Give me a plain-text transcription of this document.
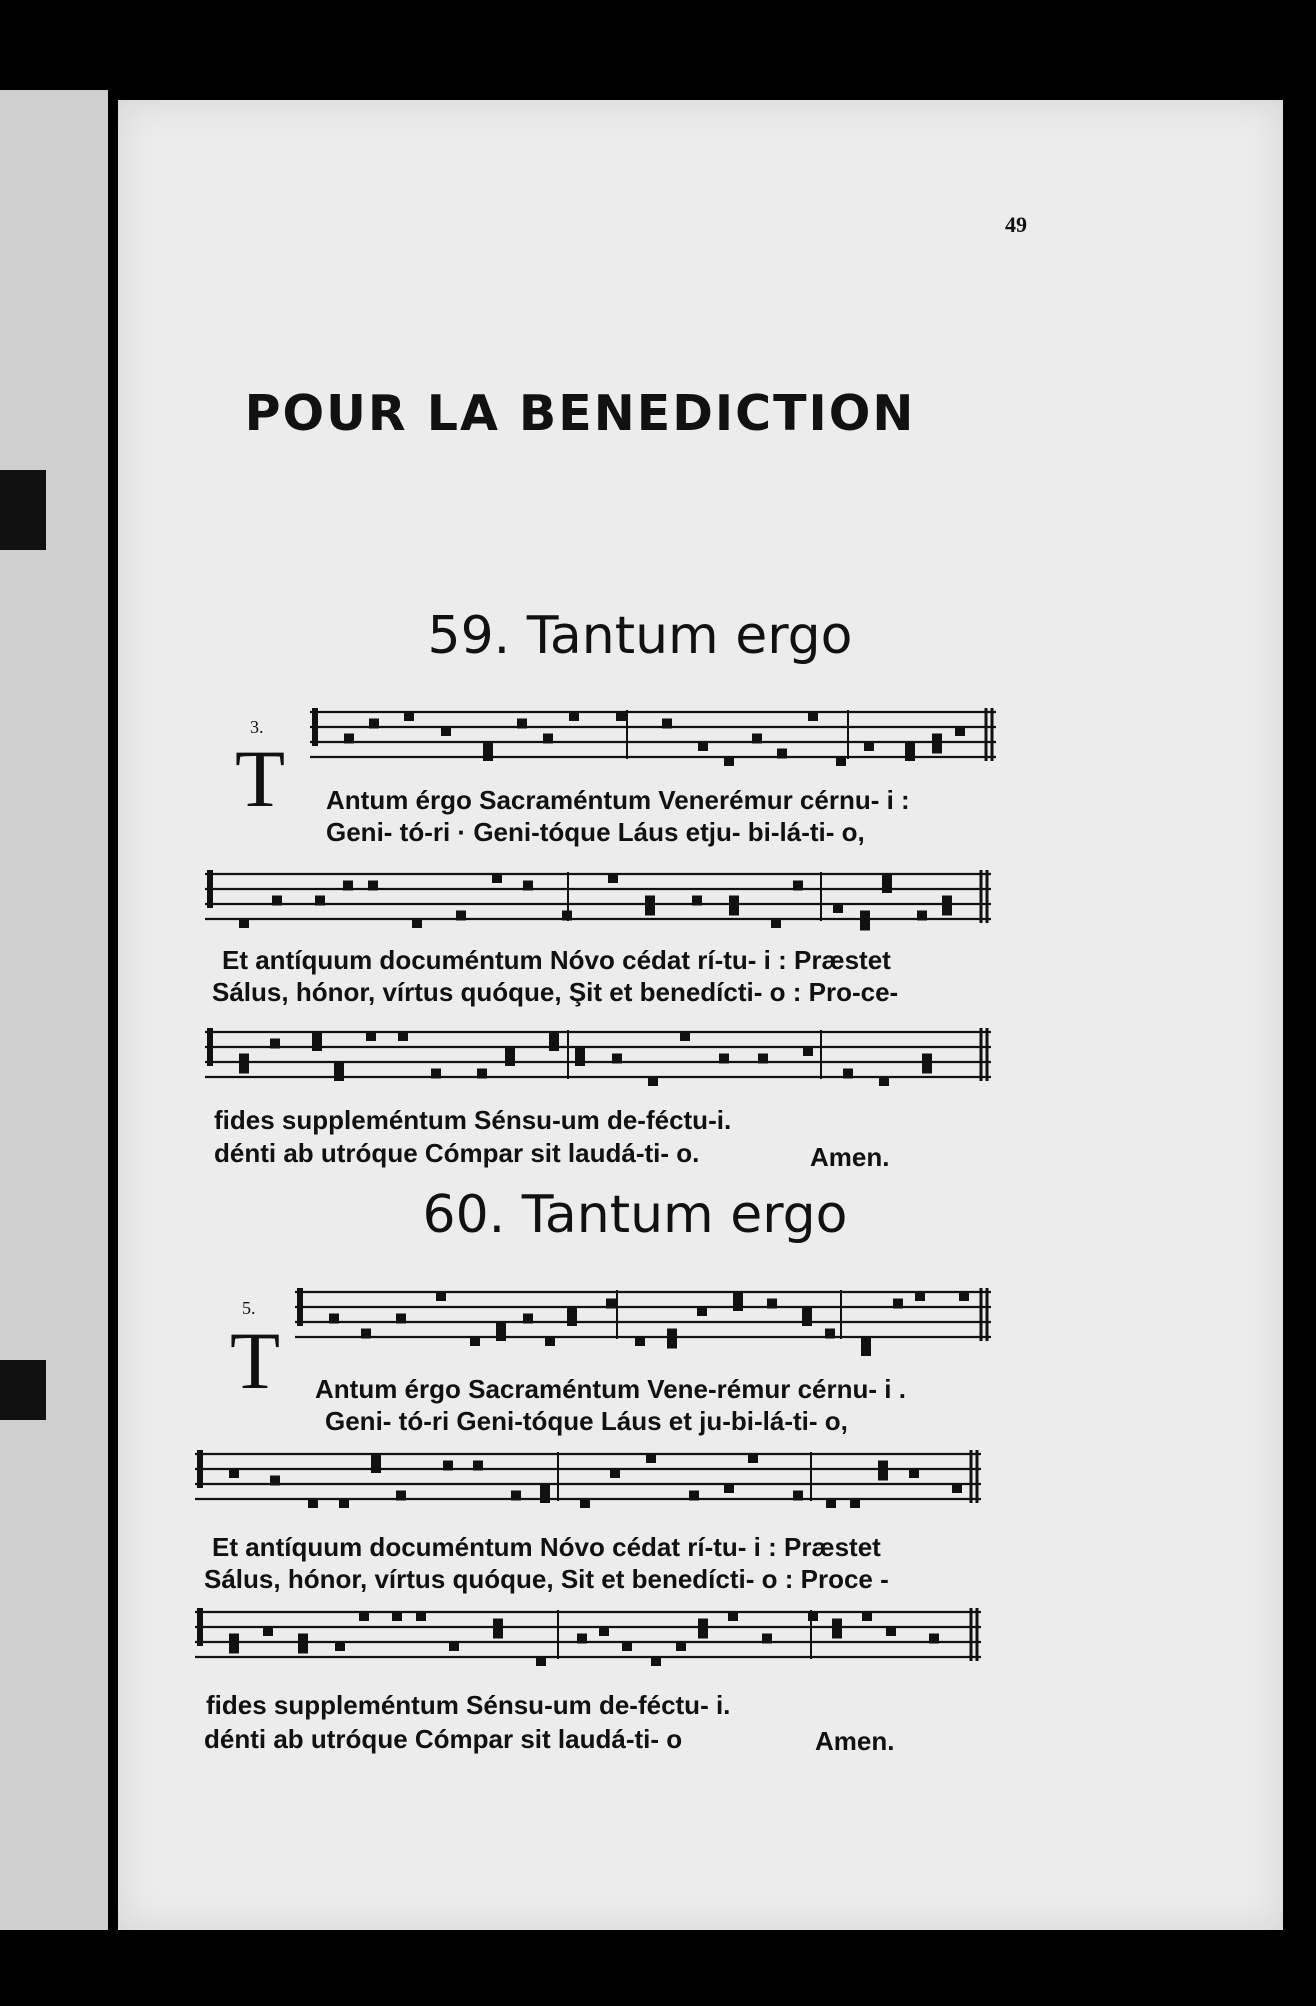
49
POUR LA BENEDICTION
59. Tantum ergo
3.
T Antum érgo Sacraméntum Venerémur cérnu- i :
Geni- tó-ri · Geni-tóque Láus etju- bi-lá-ti- o,
Et antíquum documéntum Nóvo cédat rí-tu- i : Præstet
Sálus, hónor, vírtus quóque, Şit et benedícti- o : Pro-ce-
fides suppleméntum Sénsu-um de-féctu-i.
dénti ab utróque Cómpar sit laudá-ti- o.	Amen.
60. Tantum ergo
5.
T Antum érgo Sacraméntum Vene-rémur cérnu- i .
Geni- tó-ri Geni-tóque Láus et ju-bi-lá-ti- o,
Et antíquum documéntum Nóvo cédat rí-tu- i : Præstet
Sálus, hónor, vírtus quóque, Sit et benedícti- o : Proce -
fides suppleméntum Sénsu-um de-féctu- i.
dénti ab utróque Cómpar sit laudá-ti- o	Amen.
